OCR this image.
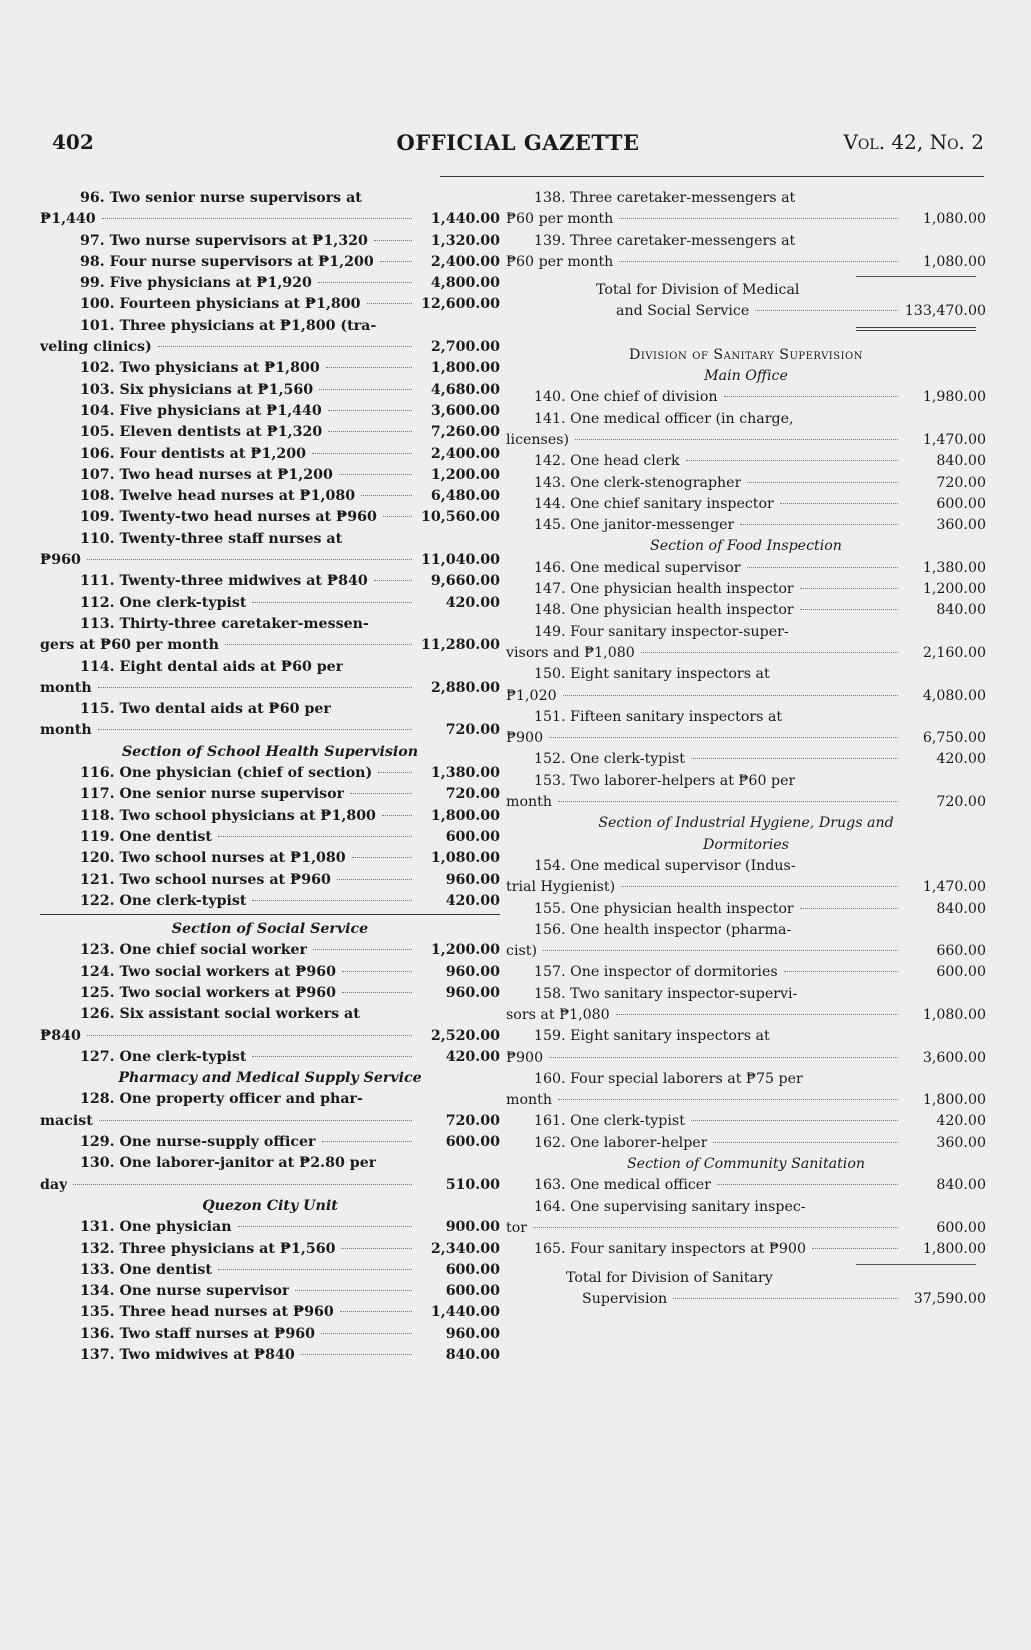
402	OFFICIAL GAZETTE	Vol. 42, No. 2
96. Two senior nurse supervisors at
₱1,440	1,440.00
97. Two nurse supervisors at ₱1,320	1,320.00
98. Four nurse supervisors at ₱1,200	2,400.00
99. Five physicians at ₱1,920	4,800.00
100. Fourteen physicians at ₱1,800	12,600.00
101. Three physicians at ₱1,800 (tra-
veling clinics)	2,700.00
102. Two physicians at ₱1,800	1,800.00
103. Six physicians at ₱1,560	4,680.00
104. Five physicians at ₱1,440	3,600.00
105. Eleven dentists at ₱1,320	7,260.00
106. Four dentists at ₱1,200	2,400.00
107. Two head nurses at ₱1,200	1,200.00
108. Twelve head nurses at ₱1,080	6,480.00
109. Twenty-two head nurses at ₱960	10,560.00
110. Twenty-three staff nurses at
₱960	11,040.00
111. Twenty-three midwives at ₱840	9,660.00
112. One clerk-typist	420.00
113. Thirty-three caretaker-messen-
gers at ₱60 per month	11,280.00
114. Eight dental aids at ₱60 per
month	2,880.00
115. Two dental aids at ₱60 per
month	720.00
Section of School Health Supervision
116. One physician (chief of section)	1,380.00
117. One senior nurse supervisor	720.00
118. Two school physicians at ₱1,800	1,800.00
119. One dentist	600.00
120. Two school nurses at ₱1,080	1,080.00
121. Two school nurses at ₱960	960.00
122. One clerk-typist	420.00
Section of Social Service
123. One chief social worker	1,200.00
124. Two social workers at ₱960	960.00
125. Two social workers at ₱960	960.00
126. Six assistant social workers at
₱840	2,520.00
127. One clerk-typist	420.00
Pharmacy and Medical Supply Service
128. One property officer and phar-
macist	720.00
129. One nurse-supply officer	600.00
130. One laborer-janitor at ₱2.80 per
day	510.00
Quezon City Unit
131. One physician	900.00
132. Three physicians at ₱1,560	2,340.00
133. One dentist	600.00
134. One nurse supervisor	600.00
135. Three head nurses at ₱960	1,440.00
136. Two staff nurses at ₱960	960.00
137. Two midwives at ₱840	840.00
138. Three caretaker-messengers at
₱60 per month	1,080.00
139. Three caretaker-messengers at
₱60 per month	1,080.00
Total for Division of Medical
and Social Service	133,470.00
Division of Sanitary Supervision
Main Office
140. One chief of division	1,980.00
141. One medical officer (in charge,
licenses)	1,470.00
142. One head clerk	840.00
143. One clerk-stenographer	720.00
144. One chief sanitary inspector	600.00
145. One janitor-messenger	360.00
Section of Food Inspection
146. One medical supervisor	1,380.00
147. One physician health inspector	1,200.00
148. One physician health inspector	840.00
149. Four sanitary inspector-super-
visors and ₱1,080	2,160.00
150. Eight sanitary inspectors at
₱1,020	4,080.00
151. Fifteen sanitary inspectors at
₱900	6,750.00
152. One clerk-typist	420.00
153. Two laborer-helpers at ₱60 per
month	720.00
Section of Industrial Hygiene, Drugs and
Dormitories
154. One medical supervisor (Indus-
trial Hygienist)	1,470.00
155. One physician health inspector	840.00
156. One health inspector (pharma-
cist)	660.00
157. One inspector of dormitories	600.00
158. Two sanitary inspector-supervi-
sors at ₱1,080	1,080.00
159. Eight sanitary inspectors at
₱900	3,600.00
160. Four special laborers at ₱75 per
month	1,800.00
161. One clerk-typist	420.00
162. One laborer-helper	360.00
Section of Community Sanitation
163. One medical officer	840.00
164. One supervising sanitary inspec-
tor	600.00
165. Four sanitary inspectors at ₱900	1,800.00
Total for Division of Sanitary
Supervision	37,590.00
